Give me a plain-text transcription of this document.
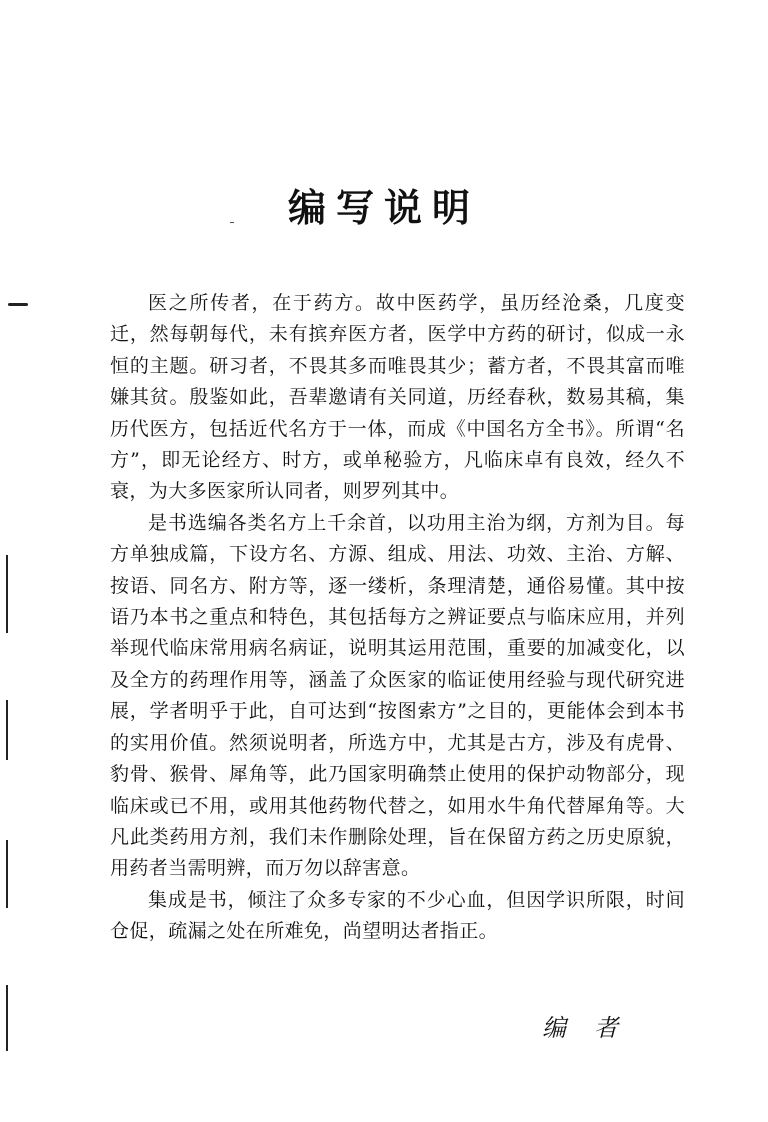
编写说明

医之所传者，在于药方。故中医药学，虽历经沧桑，几度变迁，然每朝每代，未有摈弃医方者，医学中方药的研讨，似成一永恒的主题。研习者，不畏其多而唯畏其少；蓄方者，不畏其富而唯嫌其贫。殷鉴如此，吾辈邀请有关同道，历经春秋，数易其稿，集历代医方，包括近代名方于一体，而成《中国名方全书》。所谓“名方”，即无论经方、时方，或单秘验方，凡临床卓有良效，经久不衰，为大多医家所认同者，则罗列其中。

是书选编各类名方上千余首，以功用主治为纲，方剂为目。每方单独成篇，下设方名、方源、组成、用法、功效、主治、方解、按语、同名方、附方等，逐一缕析，条理清楚，通俗易懂。其中按语乃本书之重点和特色，其包括每方之辨证要点与临床应用，并列举现代临床常用病名病证，说明其运用范围，重要的加减变化，以及全方的药理作用等，涵盖了众医家的临证使用经验与现代研究进展，学者明乎于此，自可达到“按图索方”之目的，更能体会到本书的实用价值。然须说明者，所选方中，尤其是古方，涉及有虎骨、豹骨、猴骨、犀角等，此乃国家明确禁止使用的保护动物部分，现临床或已不用，或用其他药物代替之，如用水牛角代替犀角等。大凡此类药用方剂，我们未作删除处理，旨在保留方药之历史原貌，用药者当需明辨，而万勿以辞害意。

集成是书，倾注了众多专家的不少心血，但因学识所限，时间仓促，疏漏之处在所难免，尚望明达者指正。

编者
